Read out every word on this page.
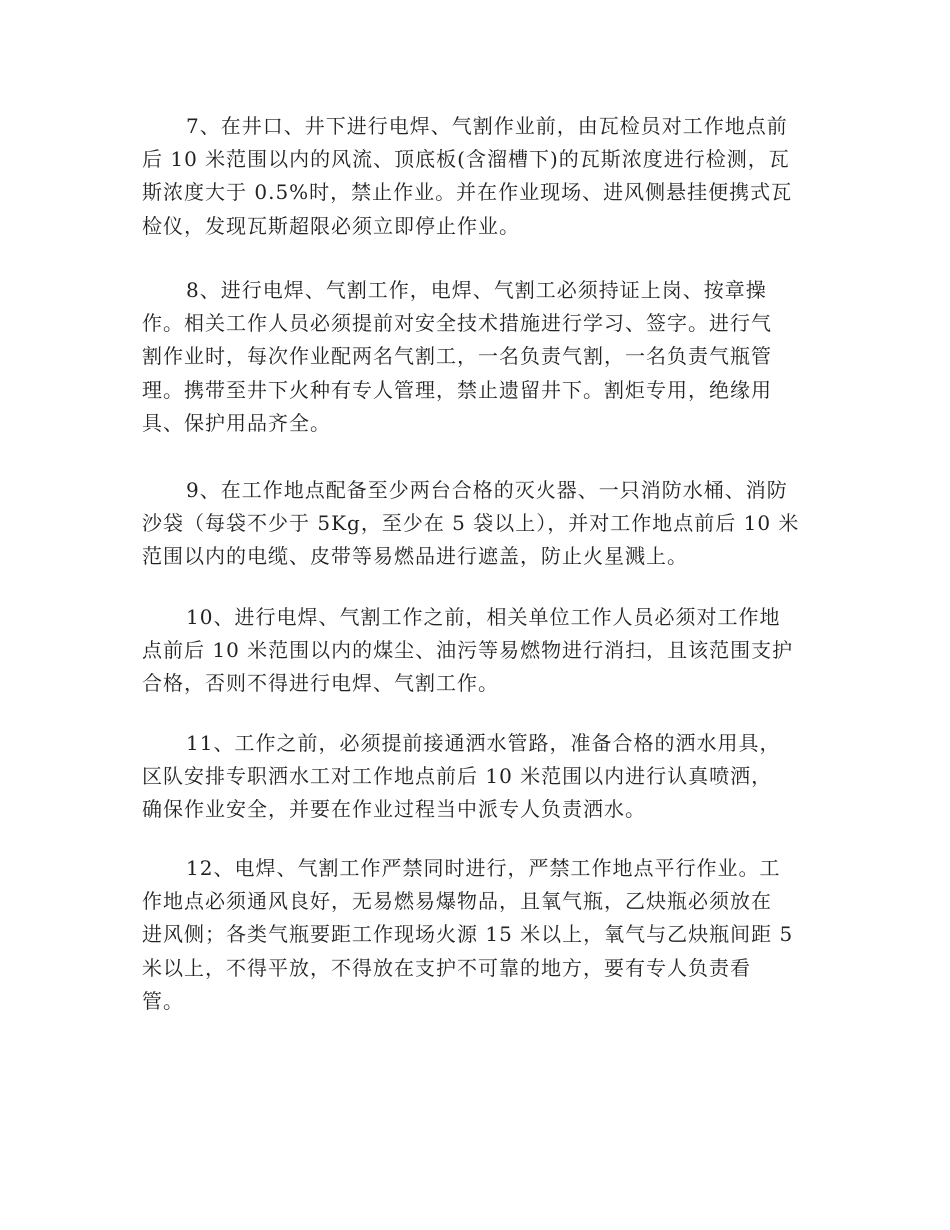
7、在井口、井下进行电焊、气割作业前，由瓦检员对工作地点前
后 10 米范围以内的风流、顶底板(含溜槽下)的瓦斯浓度进行检测，瓦
斯浓度大于 0.5%时，禁止作业。并在作业现场、进风侧悬挂便携式瓦
检仪，发现瓦斯超限必须立即停止作业。
8、进行电焊、气割工作，电焊、气割工必须持证上岗、按章操
作。相关工作人员必须提前对安全技术措施进行学习、签字。进行气
割作业时，每次作业配两名气割工，一名负责气割，一名负责气瓶管
理。携带至井下火种有专人管理，禁止遗留井下。割炬专用，绝缘用
具、保护用品齐全。
9、在工作地点配备至少两台合格的灭火器、一只消防水桶、消防
沙袋（每袋不少于 5Kg，至少在 5 袋以上），并对工作地点前后 10 米
范围以内的电缆、皮带等易燃品进行遮盖，防止火星溅上。
10、进行电焊、气割工作之前，相关单位工作人员必须对工作地
点前后 10 米范围以内的煤尘、油污等易燃物进行消扫，且该范围支护
合格，否则不得进行电焊、气割工作。
11、工作之前，必须提前接通洒水管路，准备合格的洒水用具，
区队安排专职洒水工对工作地点前后 10 米范围以内进行认真喷洒，
确保作业安全，并要在作业过程当中派专人负责洒水。
12、电焊、气割工作严禁同时进行，严禁工作地点平行作业。工
作地点必须通风良好，无易燃易爆物品，且氧气瓶，乙炔瓶必须放在
进风侧；各类气瓶要距工作现场火源 15 米以上，氧气与乙炔瓶间距 5
米以上，不得平放，不得放在支护不可靠的地方，要有专人负责看
管。
